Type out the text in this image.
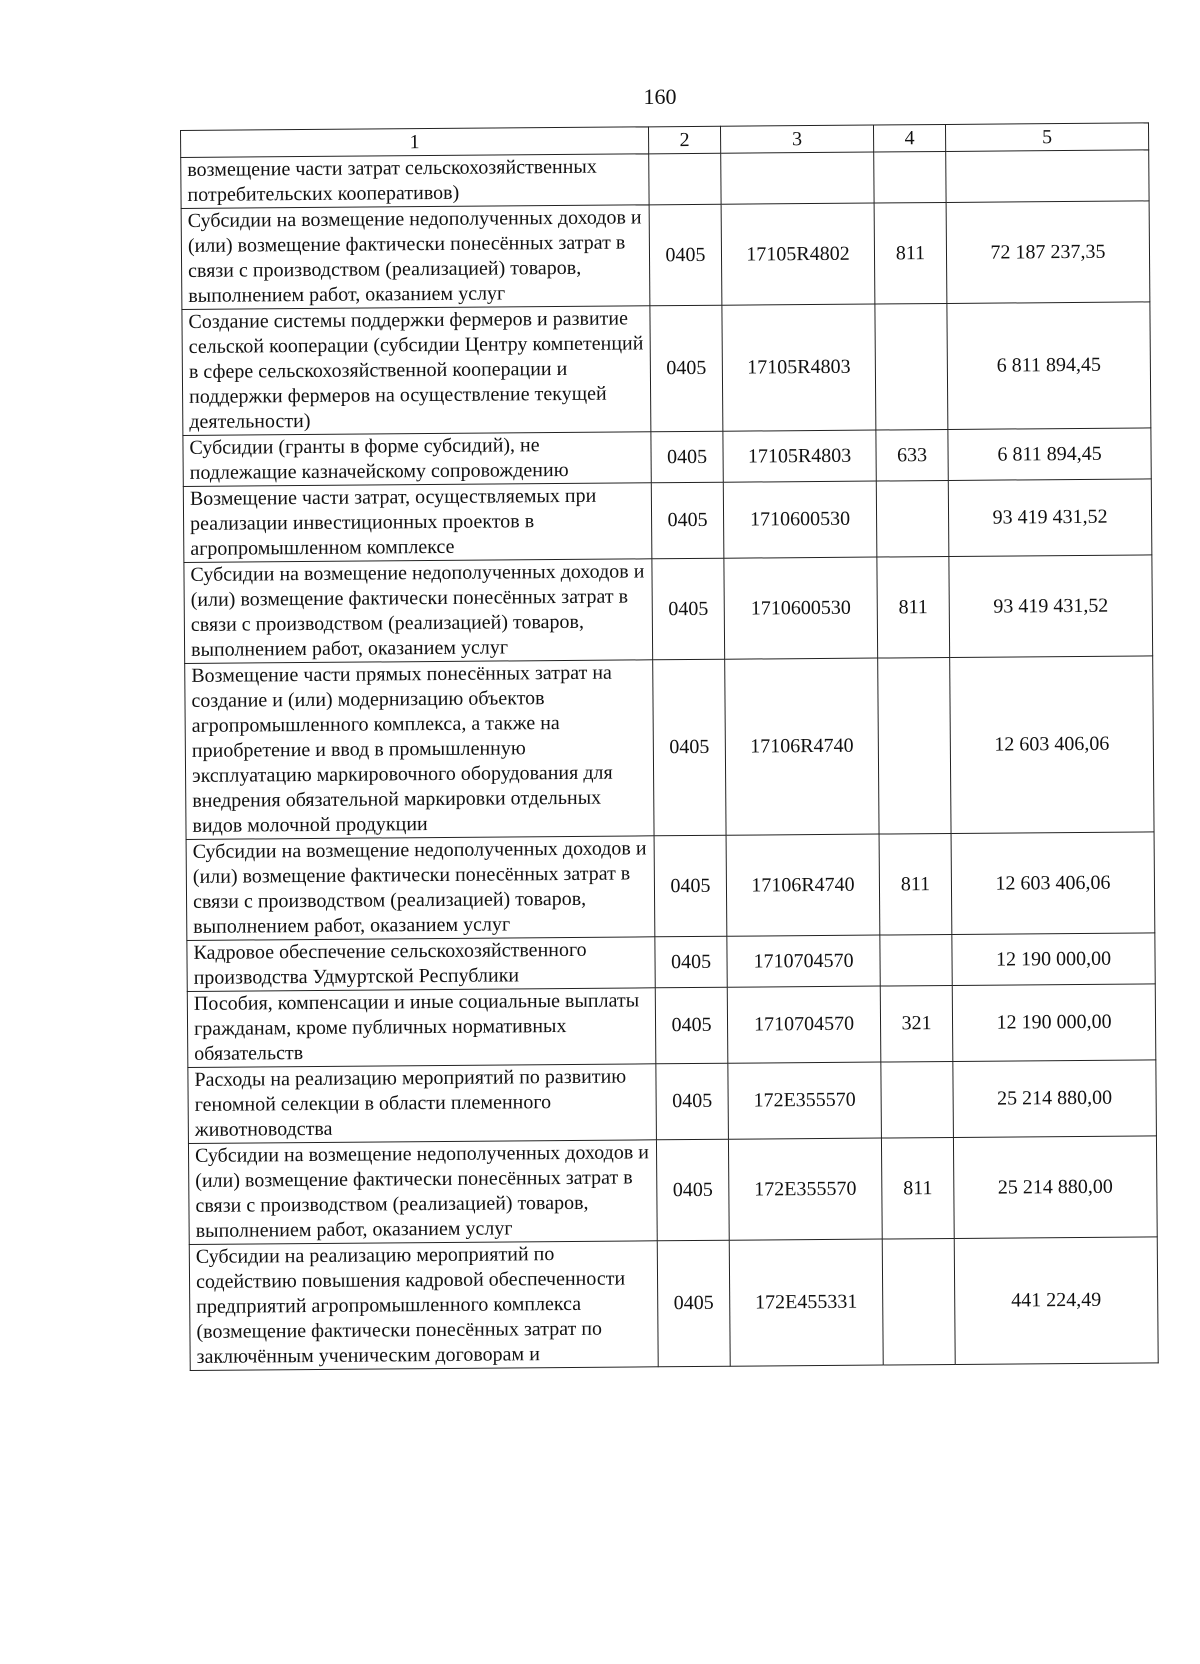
160
1	2	3	4	5
возмещение части затрат сельскохозяйственных потребительских кооперативов)				
Субсидии на возмещение недополученных доходов и (или) возмещение фактически понесённых затрат в связи с производством (реализацией) товаров, выполнением работ, оказанием услуг	0405	17105R4802	811	72 187 237,35
Создание системы поддержки фермеров и развитие сельской кооперации (субсидии Центру компетенций в сфере сельскохозяйственной кооперации и поддержки фермеров на осуществление текущей деятельности)	0405	17105R4803		6 811 894,45
Субсидии (гранты в форме субсидий), не подлежащие казначейскому сопровождению	0405	17105R4803	633	6 811 894,45
Возмещение части затрат, осуществляемых при реализации инвестиционных проектов в агропромышленном комплексе	0405	1710600530		93 419 431,52
Субсидии на возмещение недополученных доходов и (или) возмещение фактически понесённых затрат в связи с производством (реализацией) товаров, выполнением работ, оказанием услуг	0405	1710600530	811	93 419 431,52
Возмещение части прямых понесённых затрат на создание и (или) модернизацию объектов агропромышленного комплекса, а также на приобретение и ввод в промышленную эксплуатацию маркировочного оборудования для внедрения обязательной маркировки отдельных видов молочной продукции	0405	17106R4740		12 603 406,06
Субсидии на возмещение недополученных доходов и (или) возмещение фактически понесённых затрат в связи с производством (реализацией) товаров, выполнением работ, оказанием услуг	0405	17106R4740	811	12 603 406,06
Кадровое обеспечение сельскохозяйственного производства Удмуртской Республики	0405	1710704570		12 190 000,00
Пособия, компенсации и иные социальные выплаты гражданам, кроме публичных нормативных обязательств	0405	1710704570	321	12 190 000,00
Расходы на реализацию мероприятий по развитию геномной селекции в области племенного животноводства	0405	172E355570		25 214 880,00
Субсидии на возмещение недополученных доходов и (или) возмещение фактически понесённых затрат в связи с производством (реализацией) товаров, выполнением работ, оказанием услуг	0405	172E355570	811	25 214 880,00
Субсидии на реализацию мероприятий по содействию повышения кадровой обеспеченности предприятий агропромышленного комплекса (возмещение фактически понесённых затрат по заключённым ученическим договорам и	0405	172E455331		441 224,49
